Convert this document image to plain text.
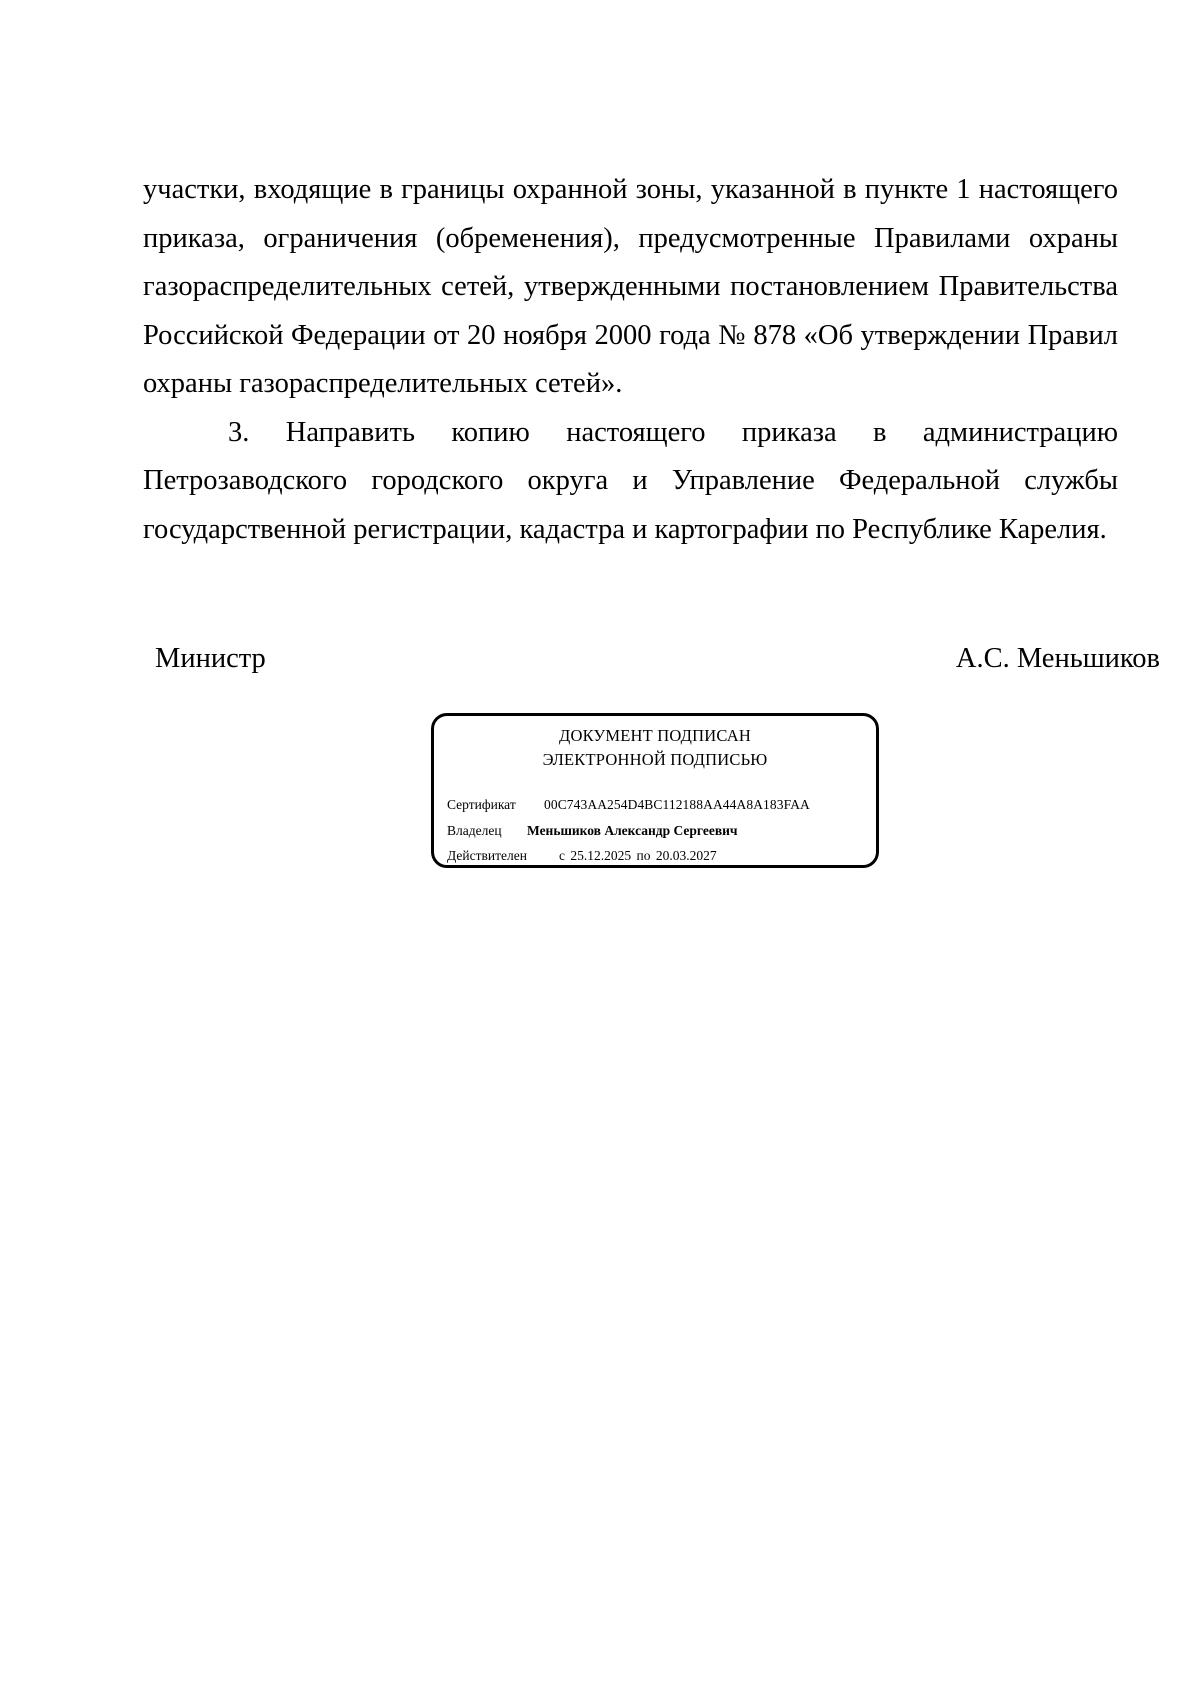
участки, входящие в границы охранной зоны, указанной в пункте 1 настоящего приказа, ограничения (обременения), предусмотренные Правилами охраны газораспределительных сетей, утвержденными постановлением Правительства Российской Федерации от 20 ноября 2000 года № 878 «Об утверждении Правил охраны газораспределительных сетей».

3. Направить копию настоящего приказа в администрацию Петрозаводского городского округа и Управление Федеральной службы государственной регистрации, кадастра и картографии по Республике Карелия.

Министр	А.С. Меньшиков
ДОКУМЕНТ ПОДПИСАН
ЭЛЕКТРОННОЙ ПОДПИСЬЮ
Сертификат 00C743AA254D4BC112188AA44A8A183FAA
Владелец Меньшиков Александр Сергеевич
Действителен с 25.12.2025 по 20.03.2027
